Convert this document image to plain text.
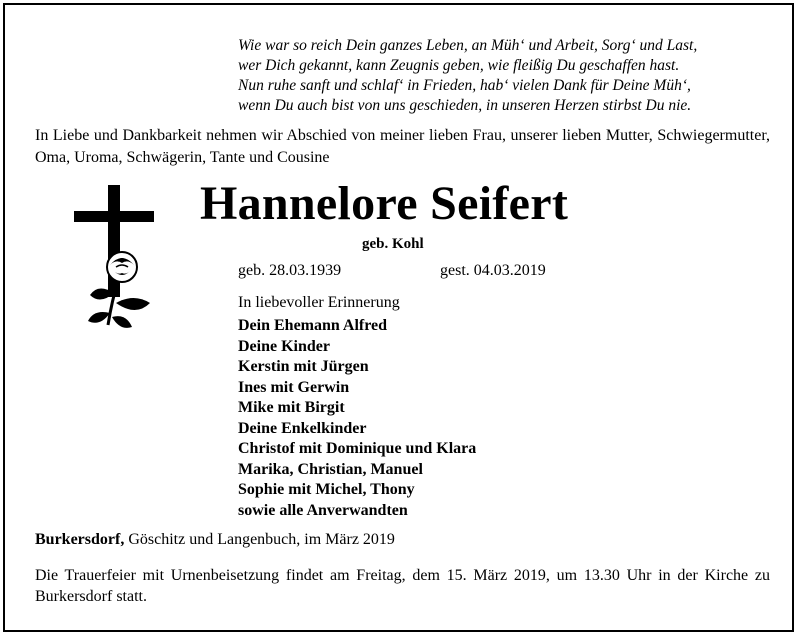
Wie war so reich Dein ganzes Leben, an Müh‘ und Arbeit, Sorg‘ und Last,
wer Dich gekannt, kann Zeugnis geben, wie fleißig Du geschaffen hast.
Nun ruhe sanft und schlaf‘ in Frieden, hab‘ vielen Dank für Deine Müh‘,
wenn Du auch bist von uns geschieden, in unseren Herzen stirbst Du nie.
In Liebe und Dankbarkeit nehmen wir Abschied von meiner lieben Frau, unserer lieben Mutter, Schwiegermutter, Oma, Uroma, Schwägerin, Tante und Cousine
Hannelore Seifert
geb. Kohl
geb. 28.03.1939	gest. 04.03.2019
In liebevoller Erinnerung
Dein Ehemann Alfred
Deine Kinder
Kerstin mit Jürgen
Ines mit Gerwin
Mike mit Birgit
Deine Enkelkinder
Christof mit Dominique und Klara
Marika, Christian, Manuel
Sophie mit Michel, Thony
sowie alle Anverwandten
Burkersdorf, Göschitz und Langenbuch, im März 2019
Die Trauerfeier mit Urnenbeisetzung findet am Freitag, dem 15. März 2019, um 13.30 Uhr in der Kirche zu Burkersdorf statt.
